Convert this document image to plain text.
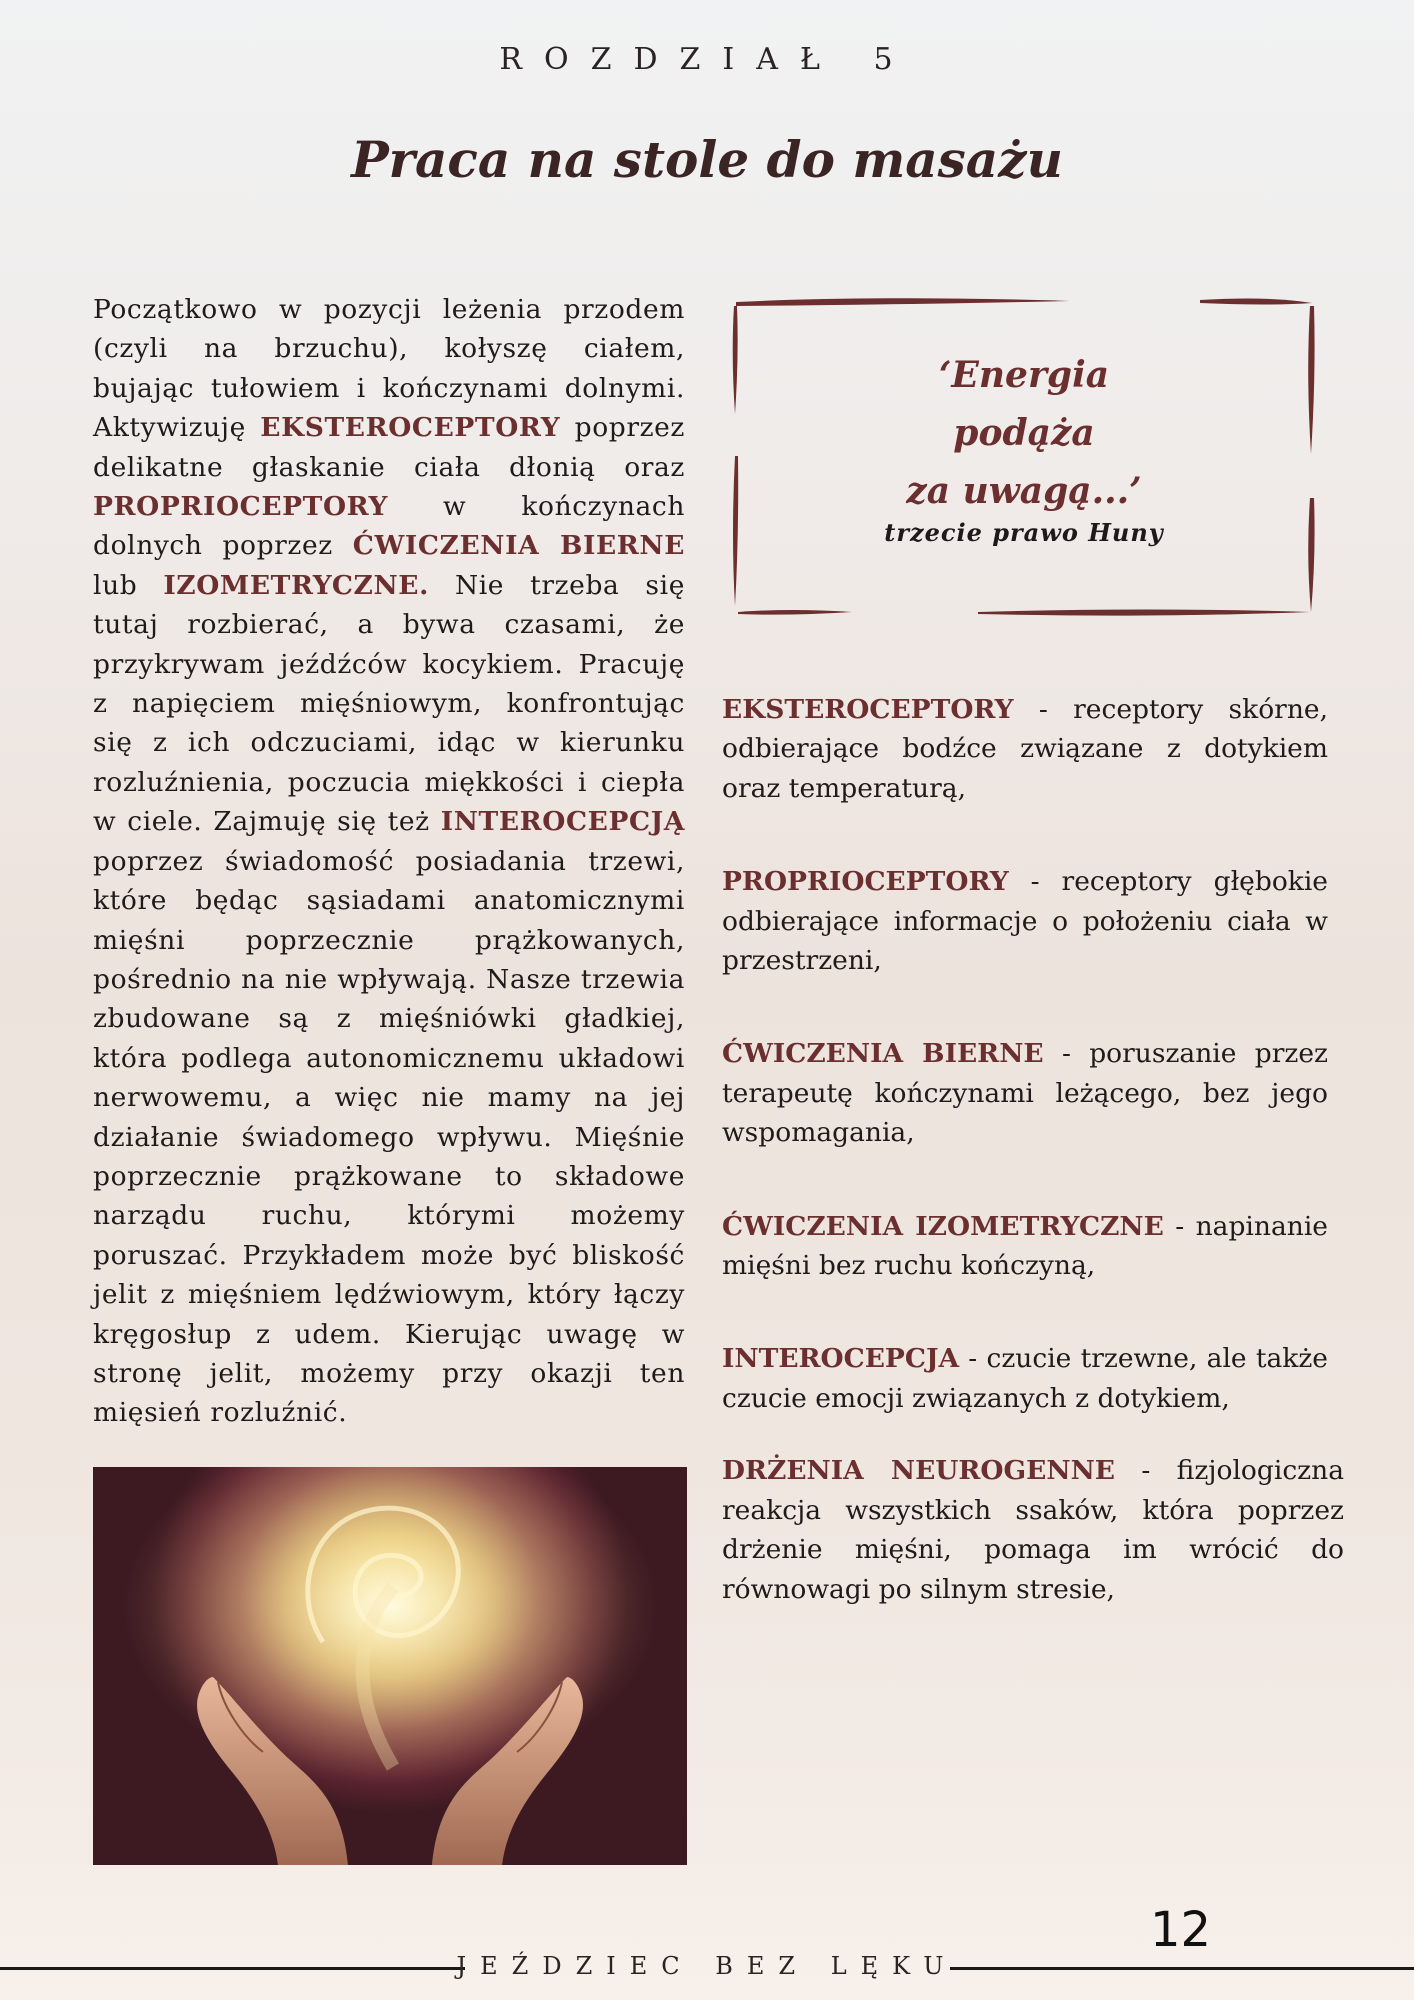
ROZDZIAŁ 5
Praca na stole do masażu
Początkowo w pozycji leżenia przodem (czyli na brzuchu), kołyszę ciałem, bujając tułowiem i kończynami dolnymi. Aktywizuję EKSTEROCEPTORY poprzez delikatne głaskanie ciała dłonią oraz PROPRIOCEPTORY w kończynach dolnych poprzez ĆWICZENIA BIERNE lub IZOMETRYCZNE. Nie trzeba się tutaj rozbierać, a bywa czasami, że przykrywam jeźdźców kocykiem. Pracuję z napięciem mięśniowym, konfrontując się z ich odczuciami, idąc w kierunku rozluźnienia, poczucia miękkości i ciepła w ciele. Zajmuję się też INTEROCEPCJĄ poprzez świadomość posiadania trzewi, które będąc sąsiadami anatomicznymi mięśni poprzecznie prążkowanych, pośrednio na nie wpływają. Nasze trzewia zbudowane są z mięśniówki gładkiej, która podlega autonomicznemu układowi nerwowemu, a więc nie mamy na jej działanie świadomego wpływu. Mięśnie poprzecznie prążkowane to składowe narządu ruchu, którymi możemy poruszać. Przykładem może być bliskość jelit z mięśniem lędźwiowym, który łączy kręgosłup z udem. Kierując uwagę w stronę jelit, możemy przy okazji ten mięsień rozluźnić.
‘Energia
podąża
za uwagą...’
trzecie prawo Huny

EKSTEROCEPTORY - receptory skórne, odbierające bodźce związane z dotykiem oraz temperaturą,

PROPRIOCEPTORY - receptory głębokie odbierające informacje o położeniu ciała w przestrzeni,

ĆWICZENIA BIERNE - poruszanie przez terapeutę kończynami leżącego, bez jego wspomagania,

ĆWICZENIA IZOMETRYCZNE - napinanie mięśni bez ruchu kończyną,

INTEROCEPCJA - czucie trzewne, ale także czucie emocji związanych z dotykiem,

DRŻENIA NEUROGENNE - fizjologiczna reakcja wszystkich ssaków, która poprzez drżenie mięśni, pomaga im wrócić do równowagi po silnym stresie,

JEŹDZIEC BEZ LĘKU
12
